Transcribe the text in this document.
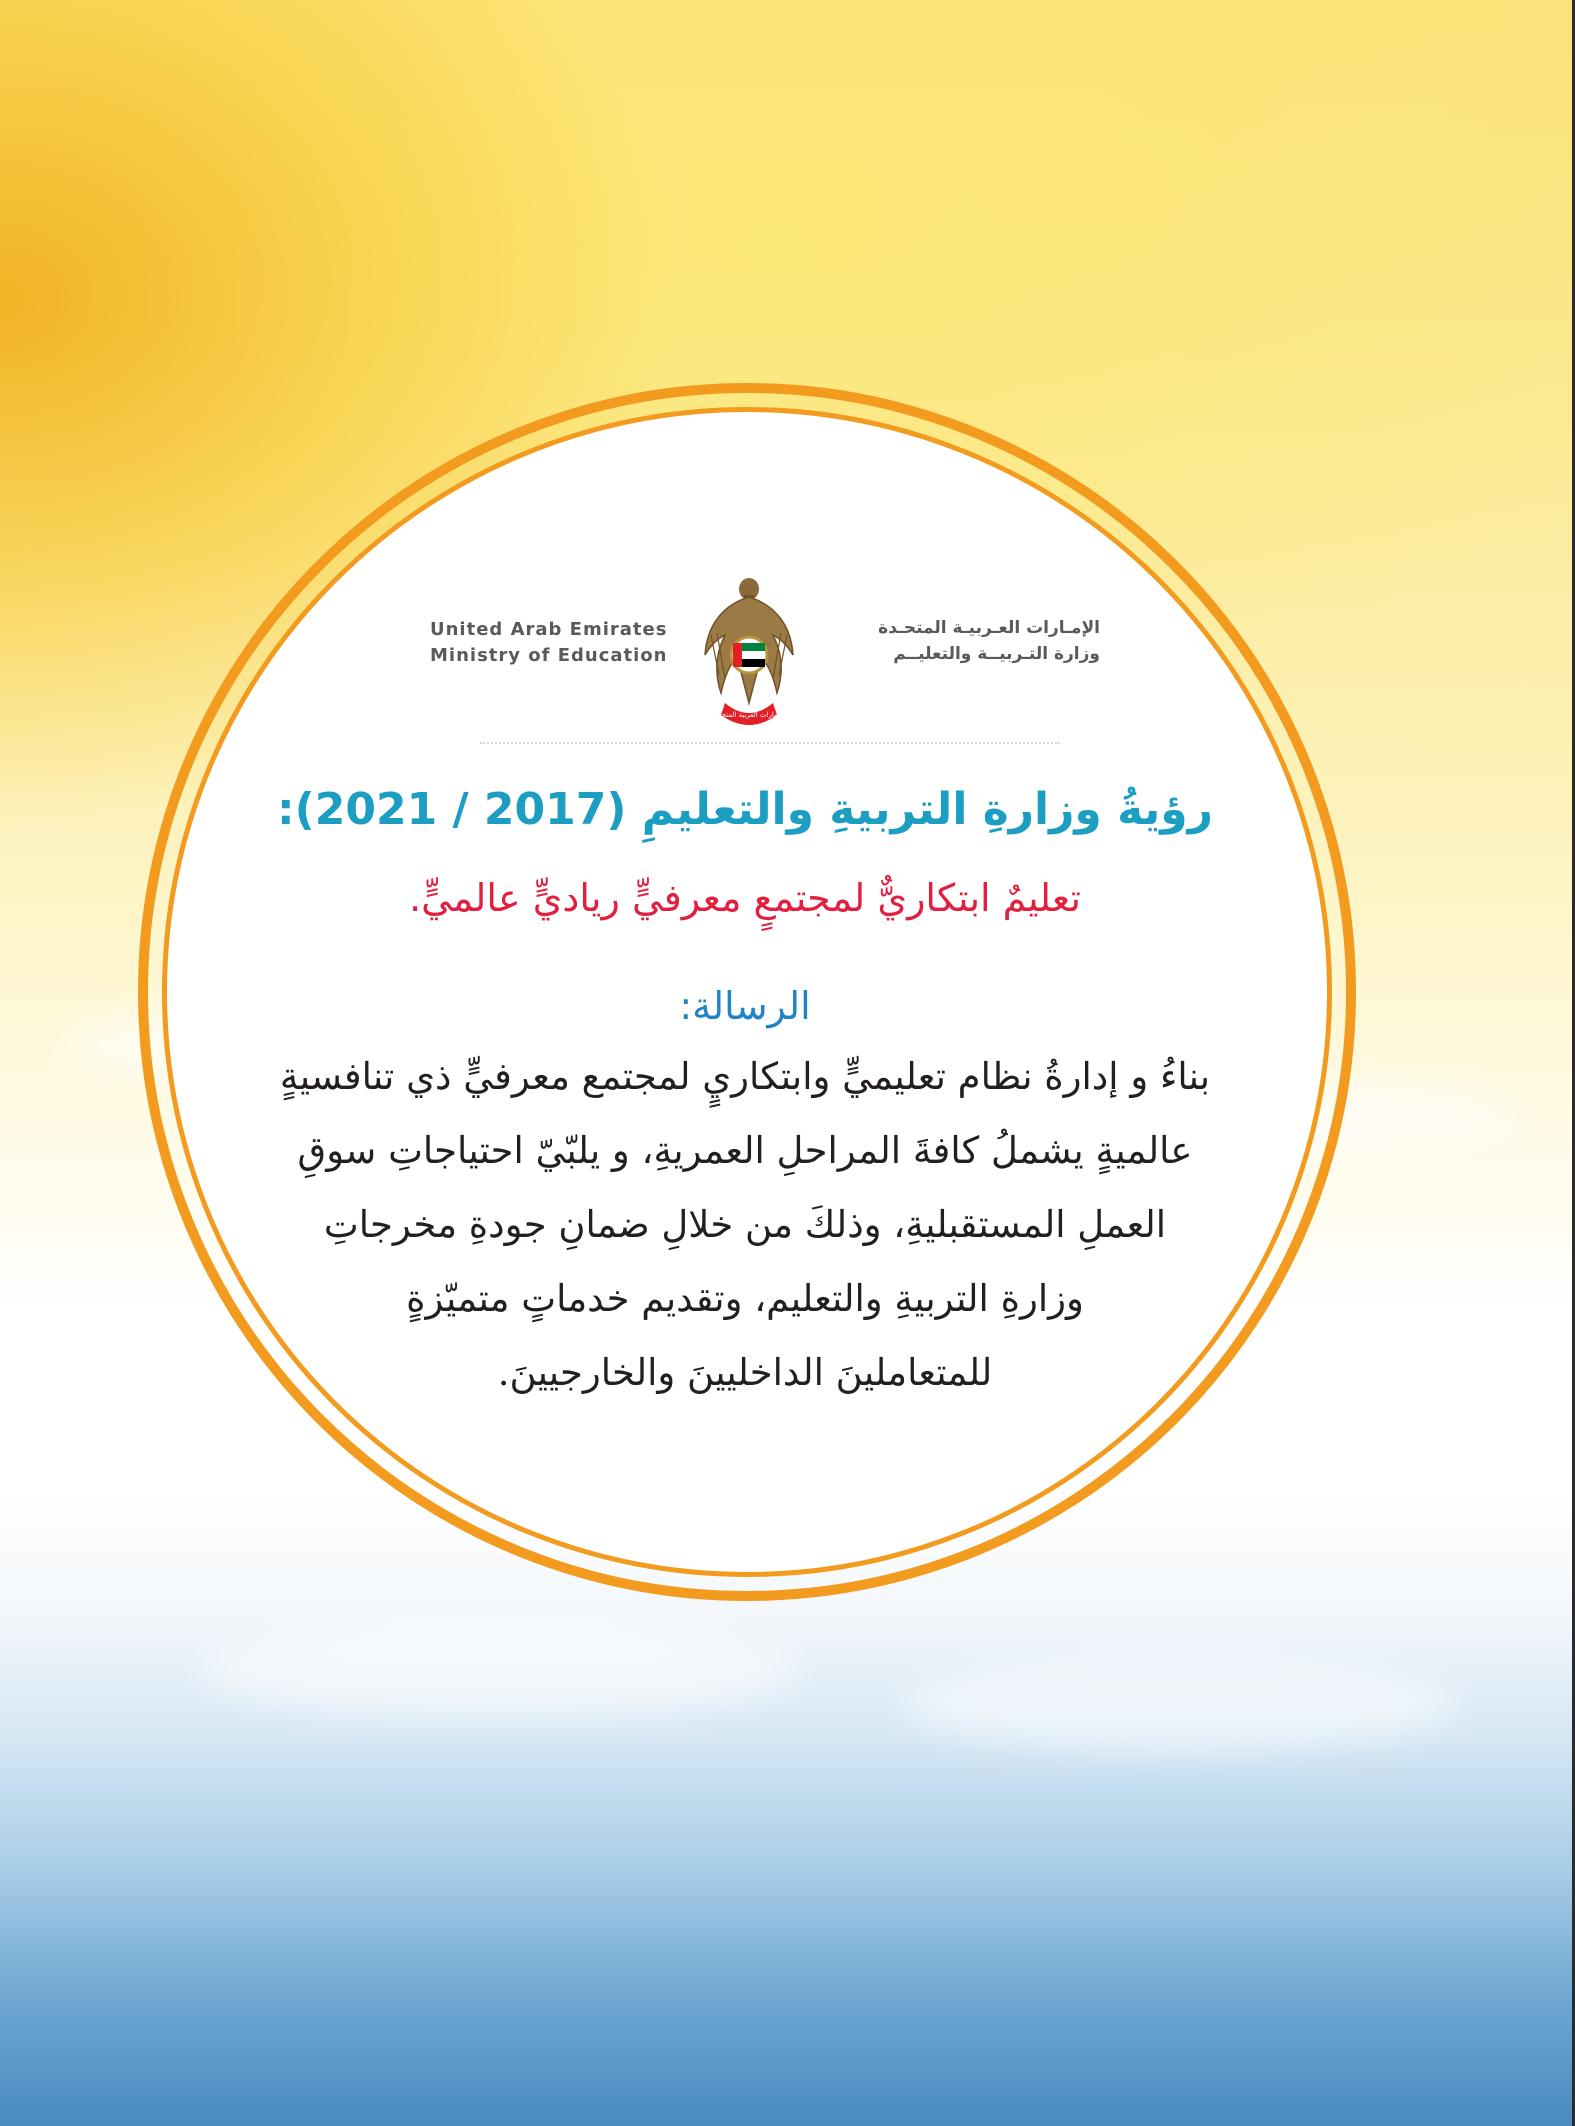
United Arab Emirates
Ministry of Education
الإمارات العربية المتحدة
الإمـارات العـربيـة المتحـدة
وزارة التـربيــة والتعليــم
رؤيةُ وزارةِ التربيةِ والتعليمِ (2017 / 2021):
تعليمٌ ابتكاريٌّ لمجتمعٍ معرفيٍّ رياديٍّ عالميٍّ.
الرسالة:
بناءُ و إدارةُ نظام تعليميٍّ وابتكاريٍ لمجتمع معرفيٍّ ذي تنافسيةٍ
عالميةٍ يشملُ كافةَ المراحلِ العمريةِ، و يلبّيّ احتياجاتِ سوقِ
العملِ المستقبليةِ، وذلكَ من خلالِ ضمانِ جودةِ مخرجاتِ
وزارةِ التربيةِ والتعليم، وتقديم خدماتٍ متميّزةٍ
للمتعاملينَ الداخليينَ والخارجيينَ.
